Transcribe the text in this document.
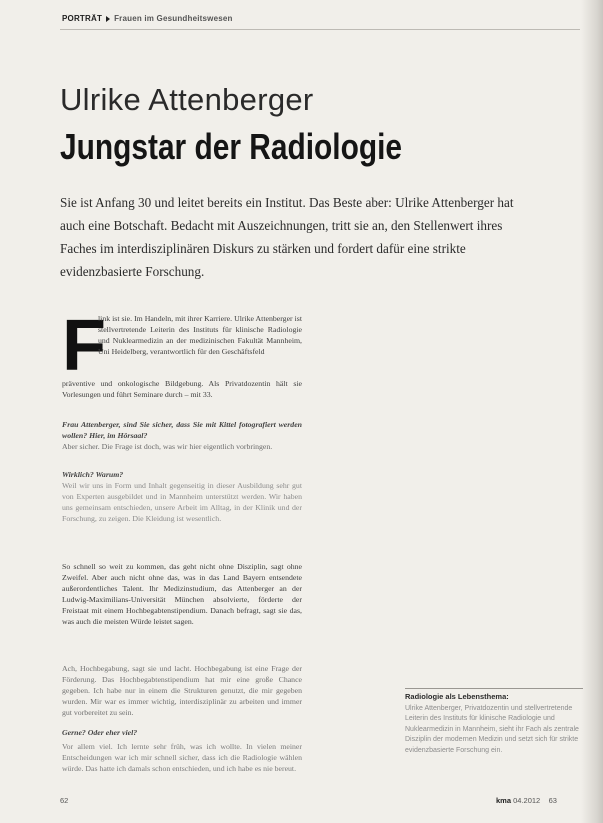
PORTRÄT Frauen im Gesundheitswesen
Ulrike Attenberger
Jungstar der Radiologie
Sie ist Anfang 30 und leitet bereits ein Institut. Das Beste aber: Ulrike Attenberger hat auch eine Botschaft. Bedacht mit Auszeichnungen, tritt sie an, den Stellenwert ihres Faches im interdisziplinären Diskurs zu stärken und fordert dafür eine strikte evidenzbasierte Forschung.
F
link ist sie. Im Handeln, mit ihrer Karriere. Ulrike Attenberger ist stellvertretende Leiterin des Instituts für klinische Radiologie und Nuklearmedizin an der medizinischen Fakultät Mannheim, Uni Heidelberg, verantwortlich für den Geschäftsfeld
präventive und onkologische Bildgebung. Als Privatdozentin hält sie Vorlesungen und führt Seminare durch – mit 33.
Frau Attenberger, sind Sie sicher, dass Sie mit Kittel fotografiert werden wollen? Hier, im Hörsaal?
Aber sicher. Die Frage ist doch, was wir hier eigentlich vorbringen.
Wirklich? Warum?
Weil wir uns in Form und Inhalt gegenseitig in dieser Ausbildung sehr gut von Experten ausgebildet und in Mannheim unterstützt werden. Wir haben uns gemeinsam entschieden, unsere Arbeit im Alltag, in der Klinik und der Forschung, zu zeigen. Die Kleidung ist wesentlich.
So schnell so weit zu kommen, das geht nicht ohne Disziplin, sagt ohne Zweifel. Aber auch nicht ohne das, was in das Land Bayern entsendete außerordentliches Talent. Ihr Medizinstudium, das Attenberger an der Ludwig-Maximilians-Universität München absolvierte, förderte der Freistaat mit einem Hochbegabtenstipendium. Danach befragt, sagt sie das, was auch die meisten Würde leistet sagen.
Ach, Hochbegabung, sagt sie und lacht. Hochbegabung ist eine Frage der Förderung. Das Hochbegabtenstipendium hat mir eine große Chance gegeben. Ich habe nur in einem die Strukturen genutzt, die mir gegeben wurden. Mir war es immer wichtig, interdisziplinär zu arbeiten und immer gut vorbereitet zu sein.
Gerne? Oder eher viel?
Vor allem viel. Ich lernte sehr früh, was ich wollte. In vielen meiner Entscheidungen war ich mir schnell sicher, dass ich die Radiologie wählen würde. Das hatte ich damals schon entschieden, und ich habe es nie bereut.
Radiologie als Lebensthema:
Ulrike Attenberger, Privatdozentin und stellvertretende Leiterin des Instituts für klinische Radiologie und Nuklearmedizin in Mannheim, sieht ihr Fach als zentrale Disziplin der modernen Medizin und setzt sich für strikte evidenzbasierte Forschung ein.
62	kma 04.2012 63
